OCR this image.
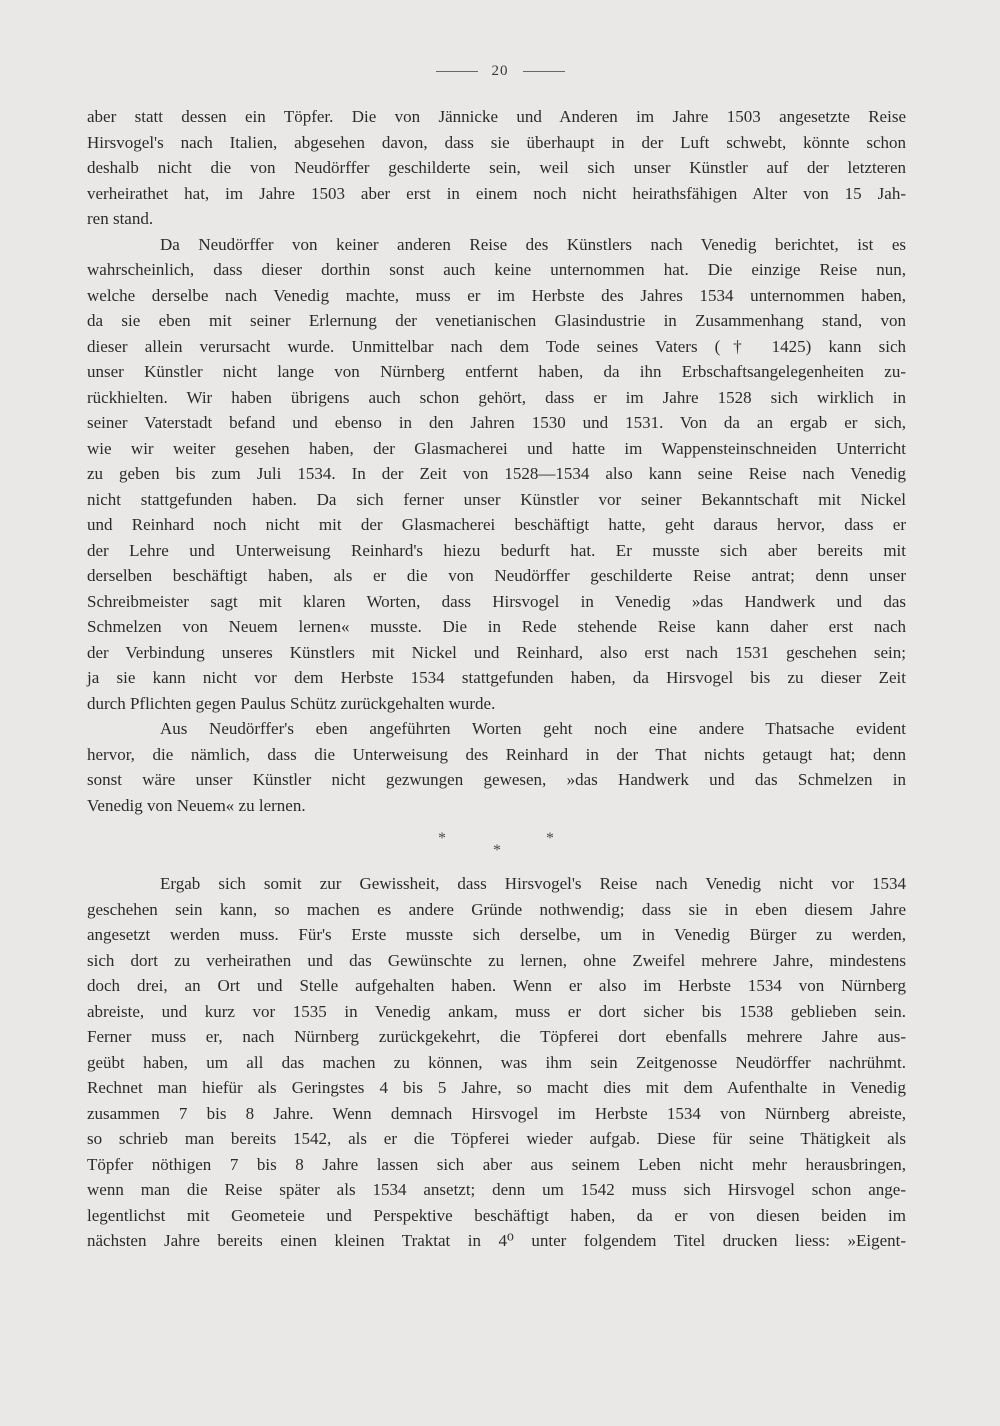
20
aber statt dessen ein Töpfer. Die von Jännicke und Anderen im Jahre 1503 angesetzte Reise
Hirsvogel's nach Italien, abgesehen davon, dass sie überhaupt in der Luft schwebt, könnte schon
deshalb nicht die von Neudörffer geschilderte sein, weil sich unser Künstler auf der letzteren
verheirathet hat, im Jahre 1503 aber erst in einem noch nicht heirathsfähigen Alter von 15 Jah-
ren stand.
Da Neudörffer von keiner anderen Reise des Künstlers nach Venedig berichtet, ist es
wahrscheinlich, dass dieser dorthin sonst auch keine unternommen hat. Die einzige Reise nun,
welche derselbe nach Venedig machte, muss er im Herbste des Jahres 1534 unternommen haben,
da sie eben mit seiner Erlernung der venetianischen Glasindustrie in Zusammenhang stand, von
dieser allein verursacht wurde. Unmittelbar nach dem Tode seines Vaters († 1425) kann sich
unser Künstler nicht lange von Nürnberg entfernt haben, da ihn Erbschaftsangelegenheiten zu-
rückhielten. Wir haben übrigens auch schon gehört, dass er im Jahre 1528 sich wirklich in
seiner Vaterstadt befand und ebenso in den Jahren 1530 und 1531. Von da an ergab er sich,
wie wir weiter gesehen haben, der Glasmacherei und hatte im Wappensteinschneiden Unterricht
zu geben bis zum Juli 1534. In der Zeit von 1528—1534 also kann seine Reise nach Venedig
nicht stattgefunden haben. Da sich ferner unser Künstler vor seiner Bekanntschaft mit Nickel
und Reinhard noch nicht mit der Glasmacherei beschäftigt hatte, geht daraus hervor, dass er
der Lehre und Unterweisung Reinhard's hiezu bedurft hat. Er musste sich aber bereits mit
derselben beschäftigt haben, als er die von Neudörffer geschilderte Reise antrat; denn unser
Schreibmeister sagt mit klaren Worten, dass Hirsvogel in Venedig »das Handwerk und das
Schmelzen von Neuem lernen« musste. Die in Rede stehende Reise kann daher erst nach
der Verbindung unseres Künstlers mit Nickel und Reinhard, also erst nach 1531 geschehen sein;
ja sie kann nicht vor dem Herbste 1534 stattgefunden haben, da Hirsvogel bis zu dieser Zeit
durch Pflichten gegen Paulus Schütz zurückgehalten wurde.
Aus Neudörffer's eben angeführten Worten geht noch eine andere Thatsache evident
hervor, die nämlich, dass die Unterweisung des Reinhard in der That nichts getaugt hat; denn
sonst wäre unser Künstler nicht gezwungen gewesen, »das Handwerk und das Schmelzen in
Venedig von Neuem« zu lernen.
*	*
*
Ergab sich somit zur Gewissheit, dass Hirsvogel's Reise nach Venedig nicht vor 1534
geschehen sein kann, so machen es andere Gründe nothwendig; dass sie in eben diesem Jahre
angesetzt werden muss. Für's Erste musste sich derselbe, um in Venedig Bürger zu werden,
sich dort zu verheirathen und das Gewünschte zu lernen, ohne Zweifel mehrere Jahre, mindestens
doch drei, an Ort und Stelle aufgehalten haben. Wenn er also im Herbste 1534 von Nürnberg
abreiste, und kurz vor 1535 in Venedig ankam, muss er dort sicher bis 1538 geblieben sein.
Ferner muss er, nach Nürnberg zurückgekehrt, die Töpferei dort ebenfalls mehrere Jahre aus-
geübt haben, um all das machen zu können, was ihm sein Zeitgenosse Neudörffer nachrühmt.
Rechnet man hiefür als Geringstes 4 bis 5 Jahre, so macht dies mit dem Aufenthalte in Venedig
zusammen 7 bis 8 Jahre. Wenn demnach Hirsvogel im Herbste 1534 von Nürnberg abreiste,
so schrieb man bereits 1542, als er die Töpferei wieder aufgab. Diese für seine Thätigkeit als
Töpfer nöthigen 7 bis 8 Jahre lassen sich aber aus seinem Leben nicht mehr herausbringen,
wenn man die Reise später als 1534 ansetzt; denn um 1542 muss sich Hirsvogel schon ange-
legentlichst mit Geometeie und Perspektive beschäftigt haben, da er von diesen beiden im
nächsten Jahre bereits einen kleinen Traktat in 4⁰ unter folgendem Titel drucken liess: »Eigent-
